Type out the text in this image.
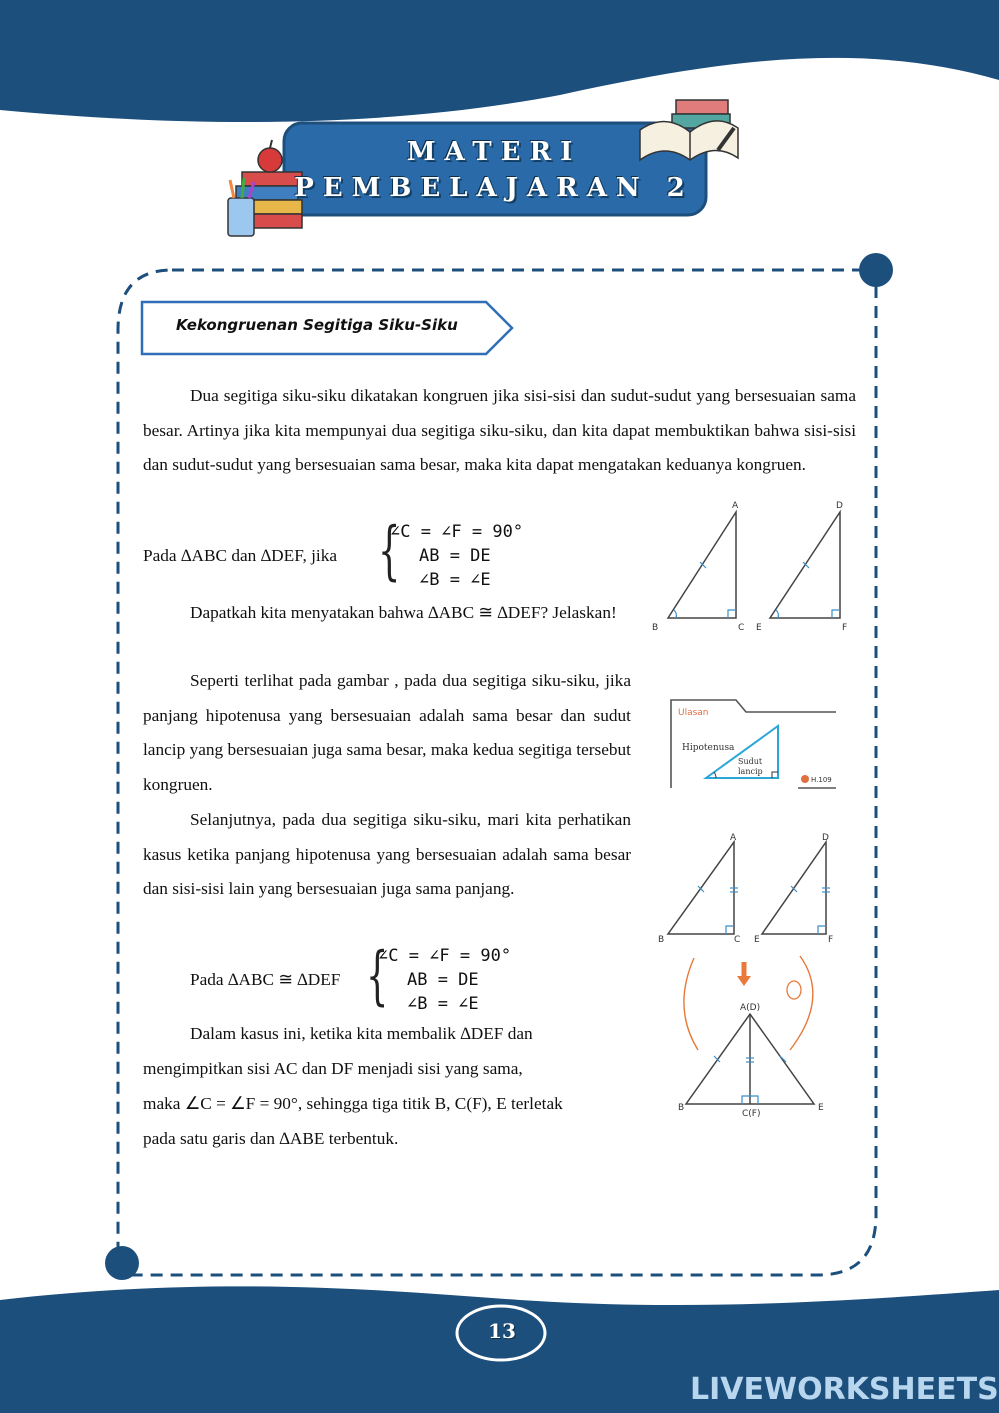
MATERI
PEMBELAJARAN 2
Kekongruenan Segitiga Siku-Siku

Dua segitiga siku-siku dikatakan kongruen jika sisi-sisi dan sudut-sudut yang bersesuaian sama besar. Artinya jika kita mempunyai dua segitiga siku-siku, dan kita dapat membuktikan bahwa sisi-sisi dan sudut-sudut yang bersesuaian sama besar, maka kita dapat mengatakan keduanya kongruen.

Pada ∆ABC dan ∆DEF, jika {
∠C = ∠F = 90°
AB = DE
∠B = ∠E

Dapatkah kita menyatakan bahwa ∆ABC ≅ ∆DEF? Jelaskan!

Seperti terlihat pada gambar , pada dua segitiga siku-siku, jika panjang hipotenusa yang bersesuaian adalah sama besar dan sudut lancip yang bersesuaian juga sama besar, maka kedua segitiga tersebut kongruen.

Selanjutnya, pada dua segitiga siku-siku, mari kita perhatikan kasus ketika panjang hipotenusa yang bersesuaian adalah sama besar dan sisi-sisi lain yang bersesuaian juga sama panjang.

Pada ∆ABC ≅ ∆DEF {
∠C = ∠F = 90°
AB = DE
∠B = ∠E
Dalam kasus ini, ketika kita membalik ∆DEF dan
mengimpitkan sisi AC dan DF menjadi sisi yang sama,
maka ∠C = ∠F = 90°, sehingga tiga titik B, C(F), E terletak
pada satu garis dan ∆ABE terbentuk.
A
B	C
D
E	F
Ulasan
Hipotenusa
Sudut
lancip
H.109
A
B	C
D
E	F
A(D)
B
C(F)
E
13
LIVEWORKSHEETS
